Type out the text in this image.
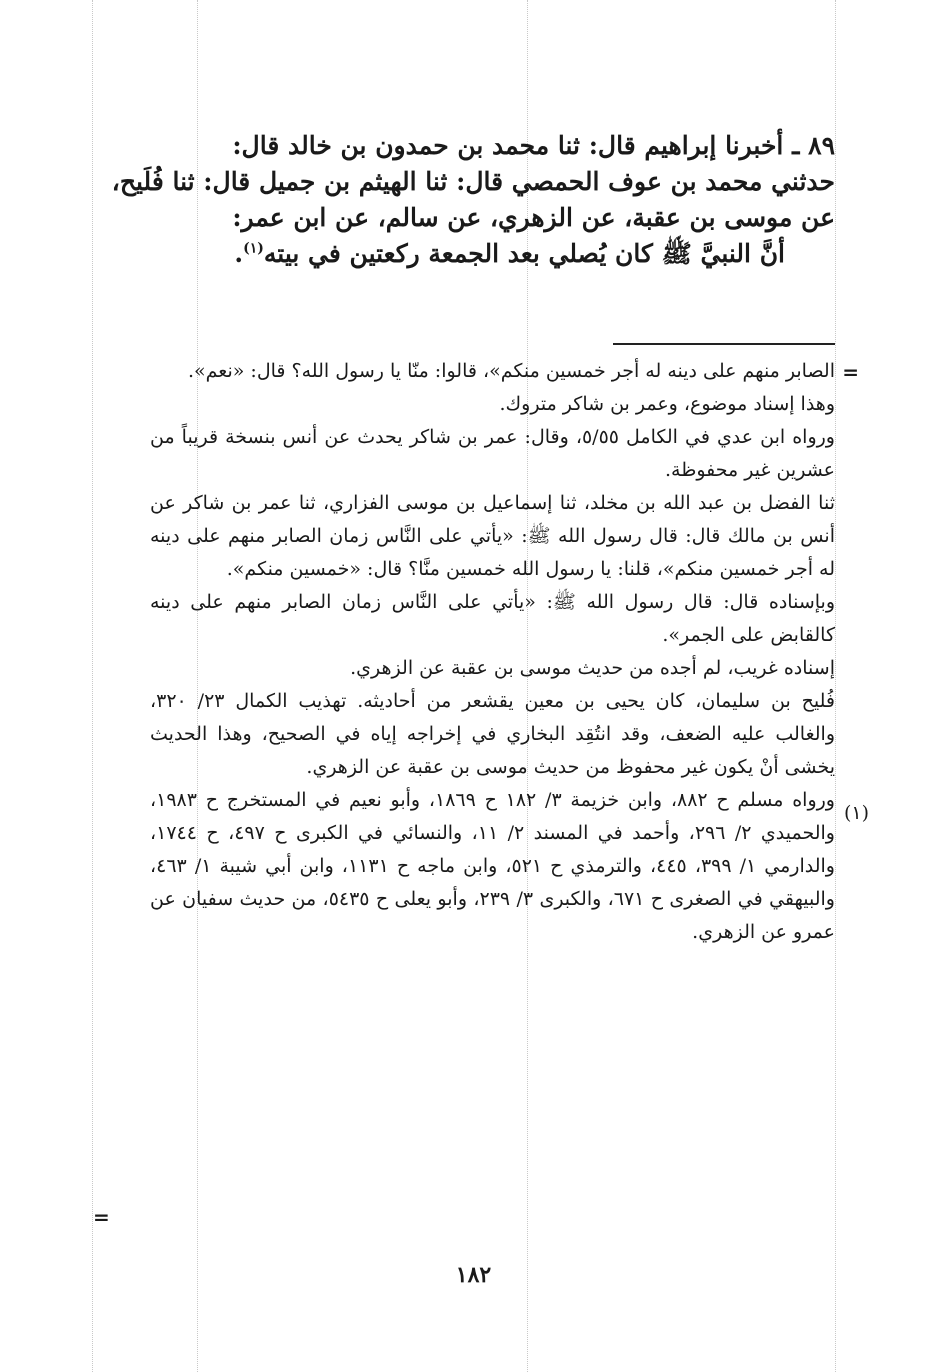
٨٩ ـ أخبرنا إبراهيم قال: ثنا محمد بن حمدون بن خالد قال:

حدثني محمد بن عوف الحمصي قال: ثنا الهيثم بن جميل قال: ثنا فُلَيح،

عن موسى بن عقبة، عن الزهري، عن سالم، عن ابن عمر:

أنَّ النبيَّ ﷺ كان يُصلي بعد الجمعة ركعتين في بيته$^{(١)}$.

=

الصابر منهم على دينه له أجر خمسين منكم»، قالوا: منّا يا رسول الله؟ قال: «نعم».

وهذا إسناد موضوع، وعمر بن شاكر متروك.

ورواه ابن عدي في الكامل ٥/٥٥، وقال: عمر بن شاكر يحدث عن أنس بنسخة قريباً من عشرين غير محفوظة.

ثنا الفضل بن عبد الله بن مخلد، ثنا إسماعيل بن موسى الفزاري، ثنا عمر بن شاكر عن أنس بن مالك قال: قال رسول الله ﷺ: «يأتي على النَّاس زمان الصابر منهم على دينه له أجر خمسين منكم»، قلنا: يا رسول الله خمسين منَّا؟ قال: «خمسين منكم».

وبإسناده قال: قال رسول الله ﷺ: «يأتي على النَّاس زمان الصابر منهم على دينه كالقابض على الجمر».

إسناده غريب، لم أجده من حديث موسى بن عقبة عن الزهري.

فُليح بن سليمان، كان يحيى بن معين يقشعر من أحاديثه. تهذيب الكمال ٢٣/ ٣٢٠، والغالب عليه الضعف، وقد انتُقِد البخاري في إخراجه إياه في الصحيح، وهذا الحديث يخشى أنْ يكون غير محفوظ من حديث موسى بن عقبة عن الزهري.

ورواه مسلم ح ٨٨٢، وابن خزيمة ٣/ ١٨٢ ح ١٨٦٩، وأبو نعيم في المستخرج ح ١٩٨٣، والحميدي ٢/ ٢٩٦، وأحمد في المسند ٢/ ١١، والنسائي في الكبرى ح ٤٩٧، ح ١٧٤٤، والدارمي ١/ ٣٩٩، ٤٤٥، والترمذي ح ٥٢١، وابن ماجه ح ١١٣١، وابن أبي شيبة ١/ ٤٦٣، والبيهقي في الصغرى ح ٦٧١، والكبرى ٣/ ٢٣٩، وأبو يعلى ح ٥٤٣٥، من حديث سفيان عن عمرو عن الزهري.

(١)
=
١٨٢
